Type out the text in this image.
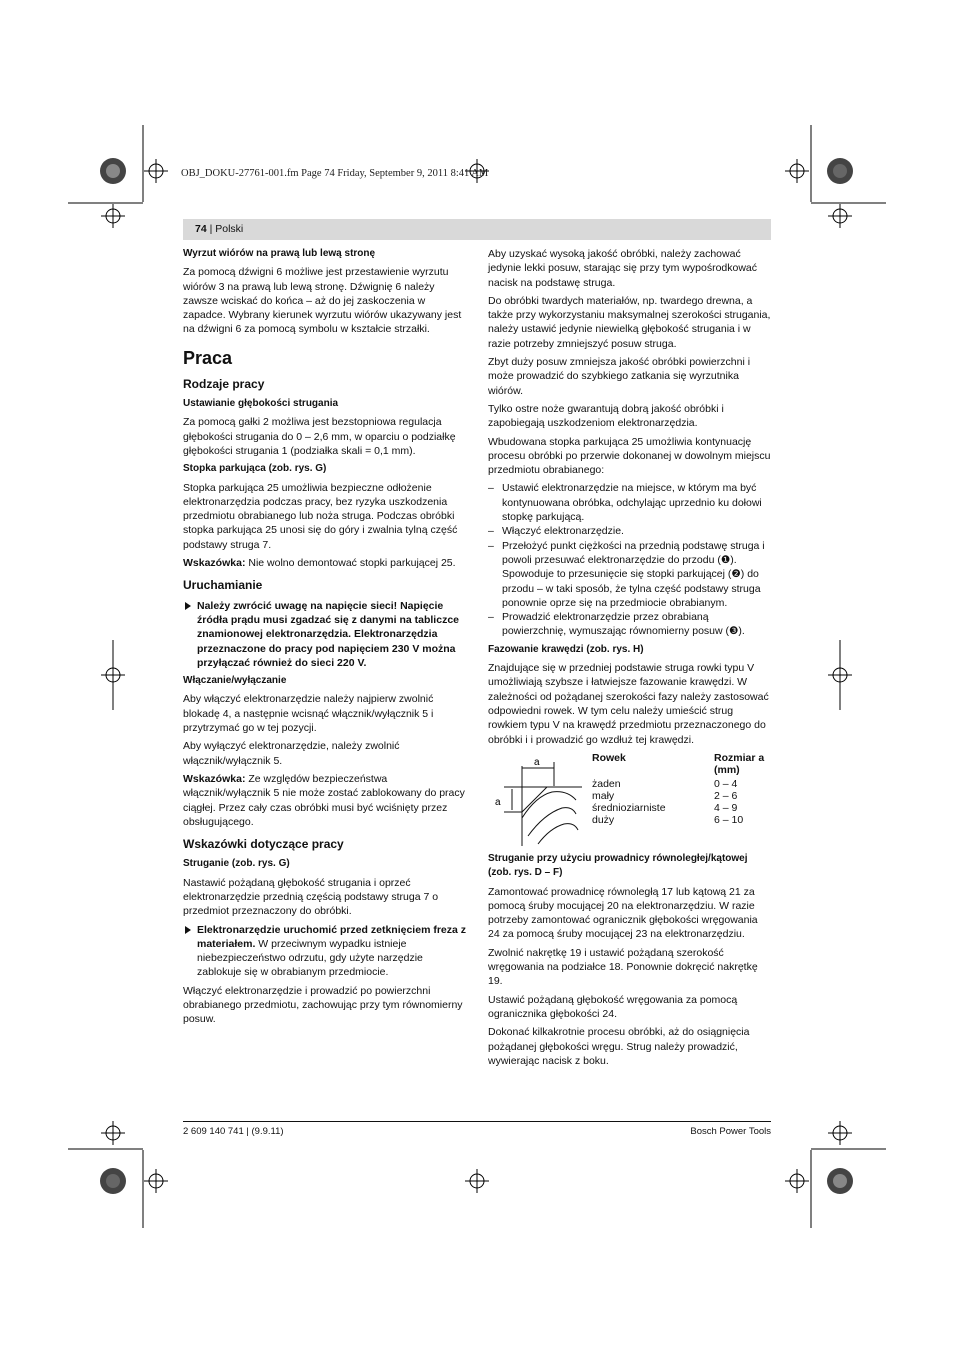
OBJ_DOKU-27761-001.fm Page 74 Friday, September 9, 2011 8:41 AM
74 | Polski

Wyrzut wiórów na prawą lub lewą stronę

Za pomocą dźwigni 6 możliwe jest przestawienie wyrzutu wiórów 3 na prawą lub lewą stronę. Dźwignię 6 należy zawsze wciskać do końca – aż do jej zaskoczenia w zapadce. Wybrany kierunek wyrzutu wiórów ukazywany jest na dźwigni 6 za pomocą symbolu w kształcie strzałki.

Praca
Rodzaje pracy

Ustawianie głębokości strugania

Za pomocą gałki 2 możliwa jest bezstopniowa regulacja głębokości strugania do 0 – 2,6 mm, w oparciu o podziałkę głębokości strugania 1 (podziałka skali = 0,1 mm).

Stopka parkująca (zob. rys. G)

Stopka parkująca 25 umożliwia bezpieczne odłożenie elektronarzędzia podczas pracy, bez ryzyka uszkodzenia przedmiotu obrabianego lub noża struga. Podczas obróbki stopka parkująca 25 unosi się do góry i zwalnia tylną część podstawy struga 7.

Wskazówka: Nie wolno demontować stopki parkującej 25.

Uruchamianie

Należy zwrócić uwagę na napięcie sieci! Napięcie źródła prądu musi zgadzać się z danymi na tabliczce znamionowej elektronarzędzia. Elektronarzędzia przeznaczone do pracy pod napięciem 230 V można przyłączać również do sieci 220 V.

Włączanie/wyłączanie

Aby włączyć elektronarzędzie należy najpierw zwolnić blokadę 4, a następnie wcisnąć włącznik/wyłącznik 5 i przytrzymać go w tej pozycji.

Aby wyłączyć elektronarzędzie, należy zwolnić włącznik/wyłącznik 5.

Wskazówka: Ze względów bezpieczeństwa włącznik/wyłącznik 5 nie może zostać zablokowany do pracy ciągłej. Przez cały czas obróbki musi być wciśnięty przez obsługującego.

Wskazówki dotyczące pracy

Struganie (zob. rys. G)

Nastawić pożądaną głębokość strugania i oprzeć elektronarzędzie przednią częścią podstawy struga 7 o przedmiot przeznaczony do obróbki.

Elektronarzędzie uruchomić przed zetknięciem freza z materiałem. W przeciwnym wypadku istnieje niebezpieczeństwo odrzutu, gdy użyte narzędzie zablokuje się w obrabianym przedmiocie.

Włączyć elektronarzędzie i prowadzić po powierzchni obrabianego przedmiotu, zachowując przy tym równomierny posuw.

Aby uzyskać wysoką jakość obróbki, należy zachować jedynie lekki posuw, starając się przy tym wypośrodkować nacisk na podstawę struga.

Do obróbki twardych materiałów, np. twardego drewna, a także przy wykorzystaniu maksymalnej szerokości strugania, należy ustawić jedynie niewielką głębokość strugania i w razie potrzeby zmniejszyć posuw struga.

Zbyt duży posuw zmniejsza jakość obróbki powierzchni i może prowadzić do szybkiego zatkania się wyrzutnika wiórów.

Tylko ostre noże gwarantują dobrą jakość obróbki i zapobiegają uszkodzeniom elektronarzędzia.

Wbudowana stopka parkująca 25 umożliwia kontynuację procesu obróbki po przerwie dokonanej w dowolnym miejscu przedmiotu obrabianego:

– Ustawić elektronarzędzie na miejsce, w którym ma być kontynuowana obróbka, odchylając uprzednio ku dołowi stopkę parkującą.
– Włączyć elektronarzędzie.
– Przełożyć punkt ciężkości na przednią podstawę struga i powoli przesuwać elektronarzędzie do przodu (❶). Spowoduje to przesunięcie się stopki parkującej (❷) do przodu – w taki sposób, że tylna część podstawy struga ponownie oprze się na przedmiocie obrabianym.
– Prowadzić elektronarzędzie przez obrabianą powierzchnię, wymuszając równomierny posuw (❸).

Fazowanie krawędzi (zob. rys. H)

Znajdujące się w przedniej podstawie struga rowki typu V umożliwiają szybsze i łatwiejsze fazowanie krawędzi. W zależności od pożądanej szerokości fazy należy zastosować odpowiedni rowek. W tym celu należy umieścić strug rowkiem typu V na krawędź przedmiotu przeznaczonego do obróbki i i prowadzić go wzdłuż tej krawędzi.

a
a
Rowek	Rozmiar a (mm)
żaden	0 – 4
mały	2 – 6
średnioziarniste	4 – 9
duży	6 – 10

Struganie przy użyciu prowadnicy równoległej/kątowej (zob. rys. D – F)

Zamontować prowadnicę równoległą 17 lub kątową 21 za pomocą śruby mocującej 20 na elektronarzędziu. W razie potrzeby zamontować ogranicznik głębokości wręgowania 24 za pomocą śruby mocującej 23 na elektronarzędziu.

Zwolnić nakrętkę 19 i ustawić pożądaną szerokość wręgowania na podziałce 18. Ponownie dokręcić nakrętkę 19.

Ustawić pożądaną głębokość wręgowania za pomocą ogranicznika głębokości 24.

Dokonać kilkakrotnie procesu obróbki, aż do osiągnięcia pożądanej głębokości wręgu. Strug należy prowadzić, wywierając nacisk z boku.

2 609 140 741 | (9.9.11)	Bosch Power Tools
